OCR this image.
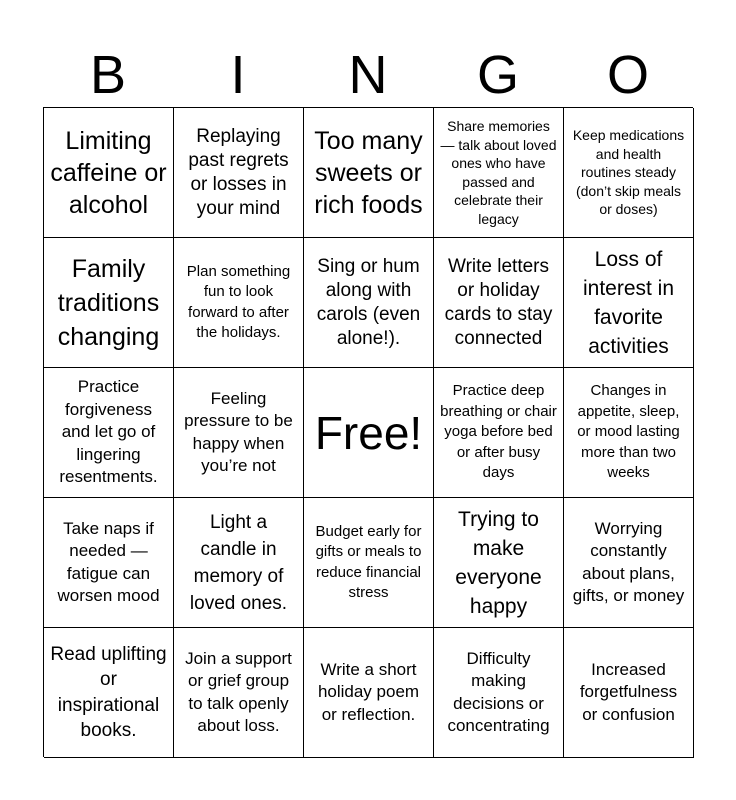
B	I	N	G	O
Limiting caffeine or alcohol
Replaying past regrets or losses in your mind
Too many sweets or rich foods
Share memories — talk about loved ones who have passed and celebrate their legacy
Keep medications and health routines steady (don’t skip meals or doses)
Family traditions changing
Plan something fun to look forward to after the holidays.
Sing or hum along with carols (even alone!).
Write letters or holiday cards to stay connected
Loss of interest in favorite activities
Practice forgiveness and let go of lingering resentments.
Feeling pressure to be happy when you’re not
Free!
Practice deep breathing or chair yoga before bed or after busy days
Changes in appetite, sleep, or mood lasting more than two weeks
Take naps if needed — fatigue can worsen mood
Light a candle in memory of loved ones.
Budget early for gifts or meals to reduce financial stress
Trying to make everyone happy
Worrying constantly about plans, gifts, or money
Read uplifting or inspirational books.
Join a support or grief group to talk openly about loss.
Write a short holiday poem or reflection.
Difficulty making decisions or concentrating
Increased forgetfulness or confusion
